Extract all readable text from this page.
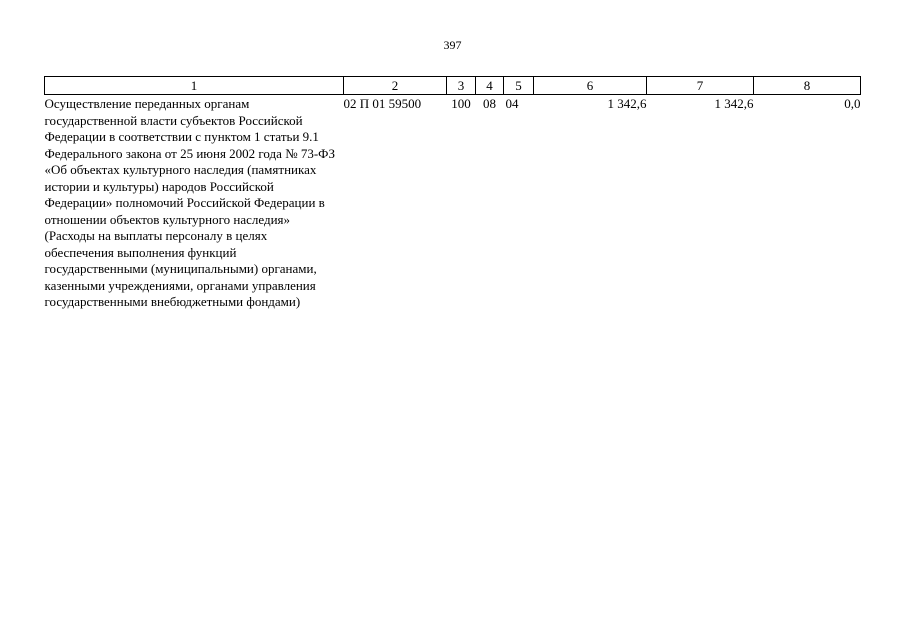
397
1	2	3	4	5	6	7	8
Осуществление переданных органам государственной власти субъектов Российской Федерации в соответствии с пунктом 1 статьи 9.1 Федерального закона от 25 июня 2002 года № 73-ФЗ «Об объектах культурного наследия (памятниках истории и культуры) народов Российской Федерации» полномочий Российской Федерации в отношении объектов культурного наследия» (Расходы на выплаты персоналу в целях обеспечения выполнения функций государственными (муниципальными) органами, казенными учреждениями, органами управления государственными внебюджетными фондами)	02 П 01 59500	100	08	04	1 342,6	1 342,6	0,0
